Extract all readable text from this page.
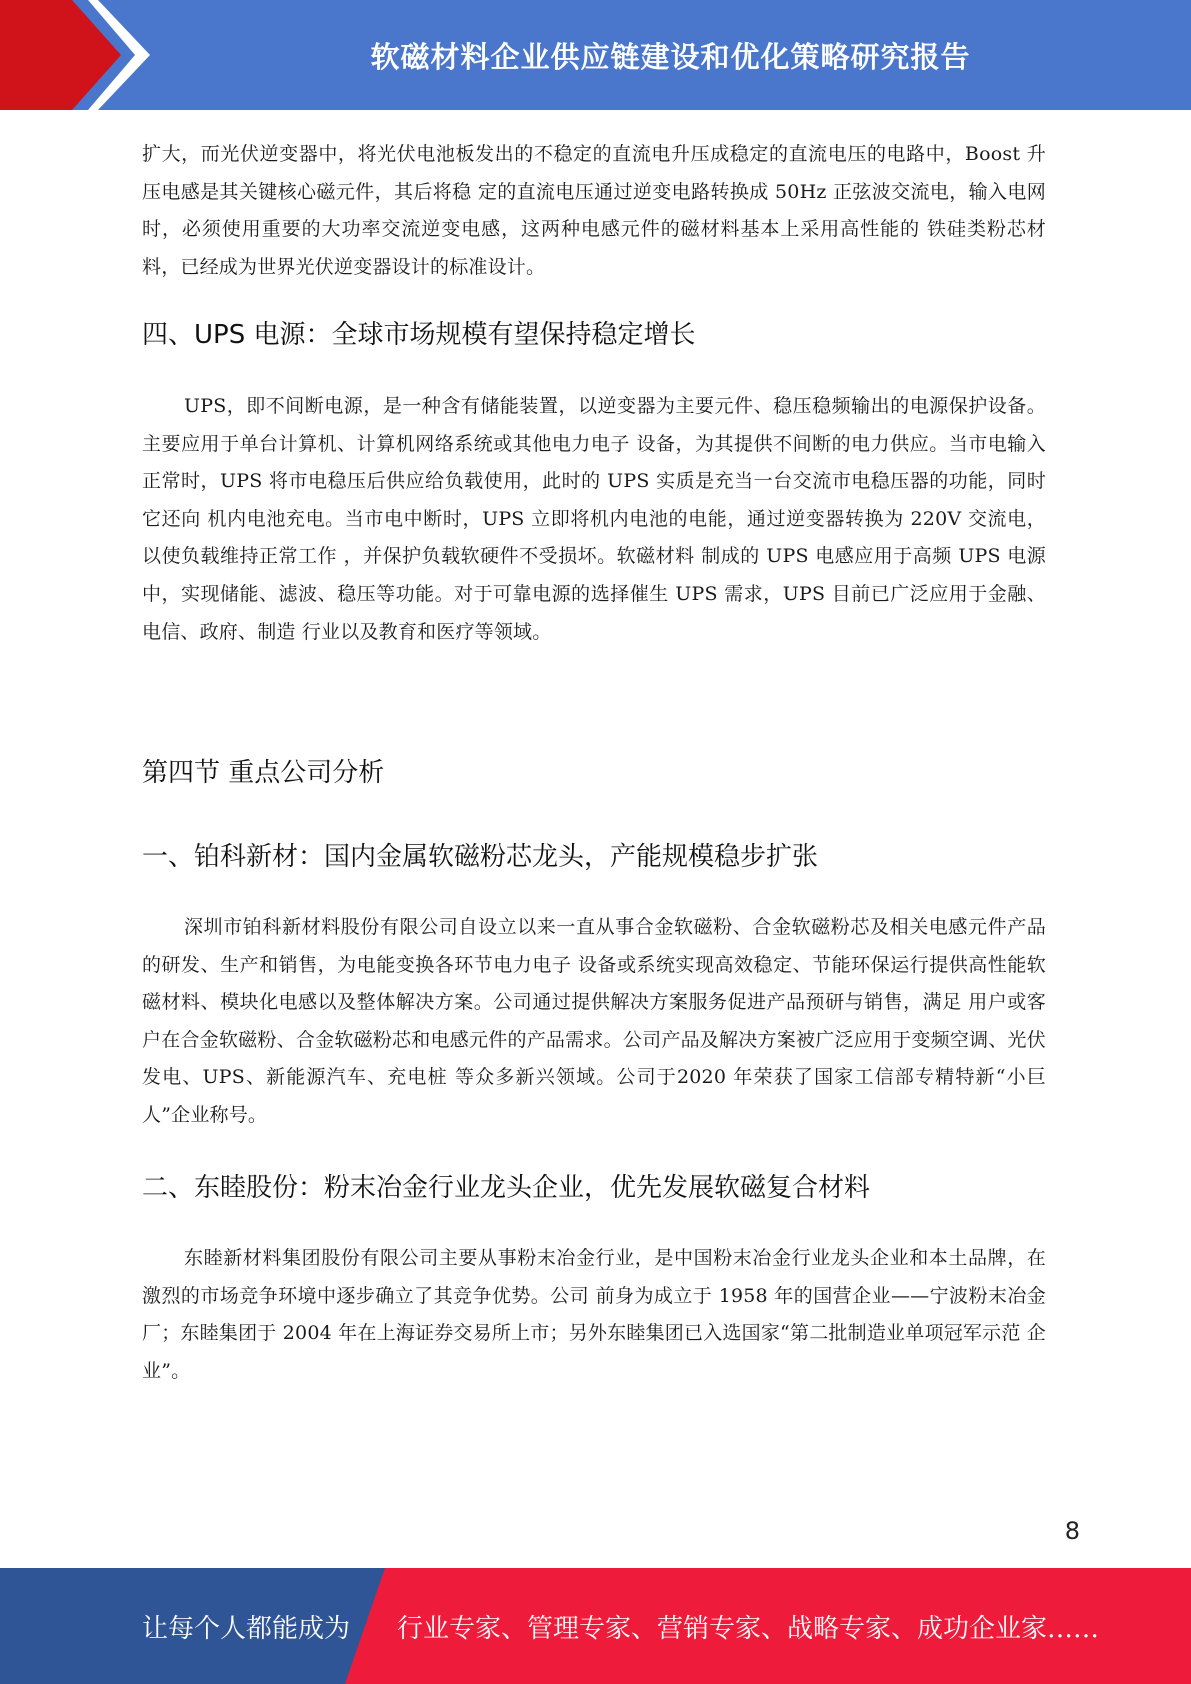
软磁材料企业供应链建设和优化策略研究报告

扩大，而光伏逆变器中，将光伏电池板发出的不稳定的直流电升压成稳定的直流电压的电路中，Boost 升压电感是其关键核心磁元件，其后将稳 定的直流电压通过逆变电路转换成 50Hz 正弦波交流电，输入电网时，必须使用重要的大功率交流逆变电感，这两种电感元件的磁材料基本上采用高性能的 铁硅类粉芯材料，已经成为世界光伏逆变器设计的标准设计。

四、UPS 电源：全球市场规模有望保持稳定增长

UPS，即不间断电源，是一种含有储能装置，以逆变器为主要元件、稳压稳频输出的电源保护设备。主要应用于单台计算机、计算机网络系统或其他电力电子 设备，为其提供不间断的电力供应。当市电输入正常时，UPS 将市电稳压后供应给负载使用，此时的 UPS 实质是充当一台交流市电稳压器的功能，同时它还向 机内电池充电。当市电中断时，UPS 立即将机内电池的电能，通过逆变器转换为 220V 交流电，以使负载维持正常工作 ，并保护负载软硬件不受损坏。软磁材料 制成的 UPS 电感应用于高频 UPS 电源中，实现储能、滤波、稳压等功能。对于可靠电源的选择催生 UPS 需求，UPS 目前已广泛应用于金融、电信、政府、制造 行业以及教育和医疗等领域。

第四节 重点公司分析
一、铂科新材：国内金属软磁粉芯龙头，产能规模稳步扩张

深圳市铂科新材料股份有限公司自设立以来一直从事合金软磁粉、合金软磁粉芯及相关电感元件产品的研发、生产和销售，为电能变换各环节电力电子 设备或系统实现高效稳定、节能环保运行提供高性能软磁材料、模块化电感以及整体解决方案。公司通过提供解决方案服务促进产品预研与销售，满足 用户或客户在合金软磁粉、合金软磁粉芯和电感元件的产品需求。公司产品及解决方案被广泛应用于变频空调、光伏发电、UPS、新能源汽车、充电桩 等众多新兴领域。公司于2020 年荣获了国家工信部专精特新“小巨人”企业称号。

二、东睦股份：粉末冶金行业龙头企业，优先发展软磁复合材料

东睦新材料集团股份有限公司主要从事粉末冶金行业，是中国粉末冶金行业龙头企业和本土品牌，在激烈的市场竞争环境中逐步确立了其竞争优势。公司 前身为成立于 1958 年的国营企业——宁波粉末冶金厂；东睦集团于 2004 年在上海证券交易所上市；另外东睦集团已入选国家“第二批制造业单项冠军示范 企业”。

8
让每个人都能成为 行业专家、管理专家、营销专家、战略专家、成功企业家……
